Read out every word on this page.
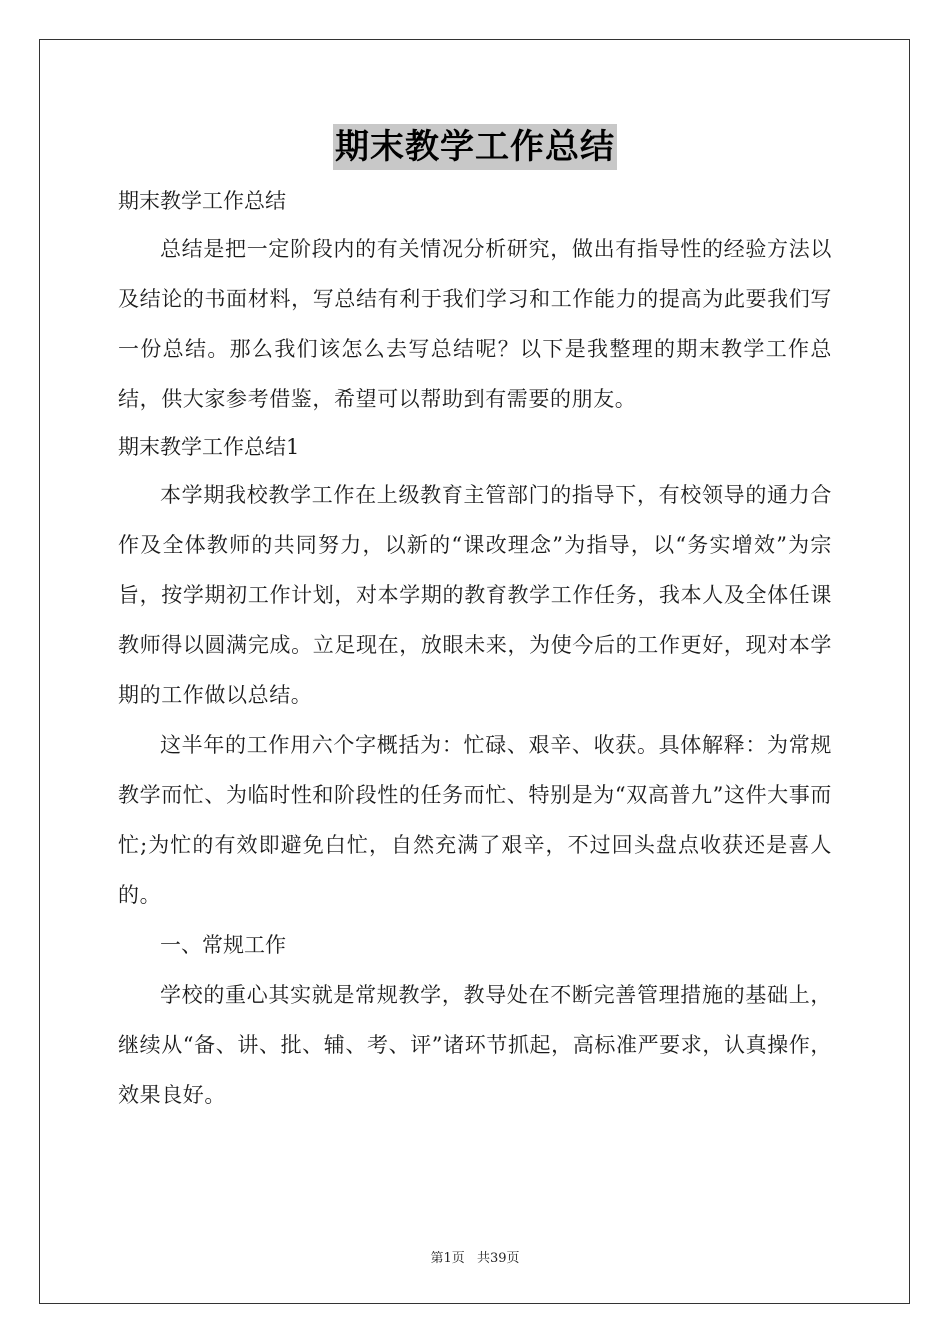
期末教学工作总结

期末教学工作总结

总结是把一定阶段内的有关情况分析研究，做出有指导性的经验方法以及结论的书面材料，写总结有利于我们学习和工作能力的提高为此要我们写一份总结。那么我们该怎么去写总结呢？以下是我整理的期末教学工作总结，供大家参考借鉴，希望可以帮助到有需要的朋友。

期末教学工作总结1

本学期我校教学工作在上级教育主管部门的指导下，有校领导的通力合作及全体教师的共同努力，以新的“课改理念”为指导，以“务实增效”为宗旨，按学期初工作计划，对本学期的教育教学工作任务，我本人及全体任课教师得以圆满完成。立足现在，放眼未来，为使今后的工作更好，现对本学期的工作做以总结。

这半年的工作用六个字概括为：忙碌、艰辛、收获。具体解释：为常规教学而忙、为临时性和阶段性的任务而忙、特别是为“双高普九”这件大事而忙;为忙的有效即避免白忙，自然充满了艰辛，不过回头盘点收获还是喜人的。

一、常规工作

学校的重心其实就是常规教学，教导处在不断完善管理措施的基础上，继续从“备、讲、批、辅、考、评”诸环节抓起，高标准严要求，认真操作，效果良好。

第1页 共39页
